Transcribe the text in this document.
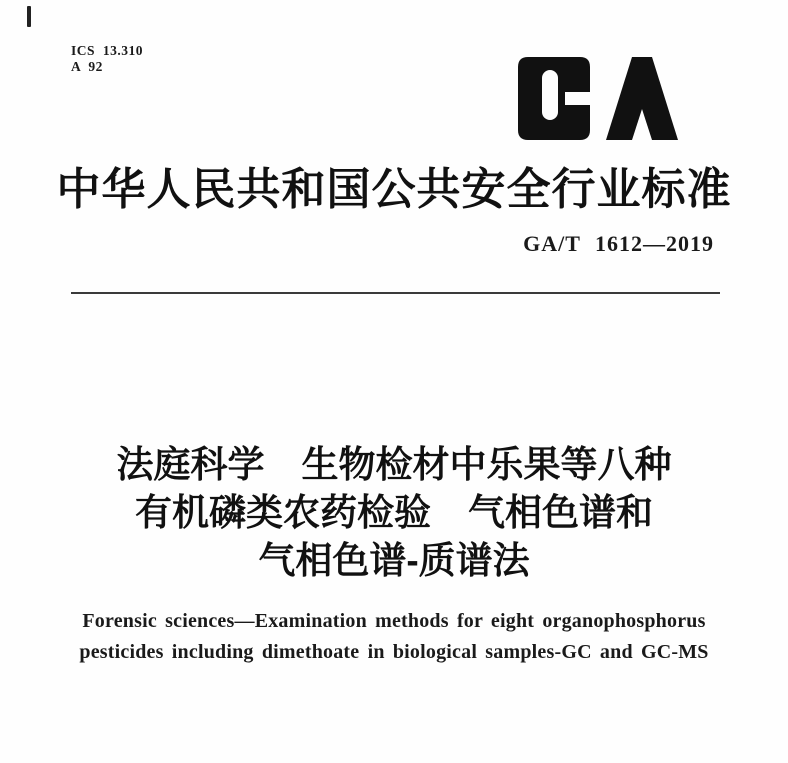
ICS 13.310
A 92
中华人民共和国公共安全行业标准
GA/T 1612—2019
法庭科学　生物检材中乐果等八种
有机磷类农药检验　气相色谱和
气相色谱-质谱法
Forensic sciences—Examination methods for eight organophosphorus
pesticides including dimethoate in biological samples-GC and GC-MS
